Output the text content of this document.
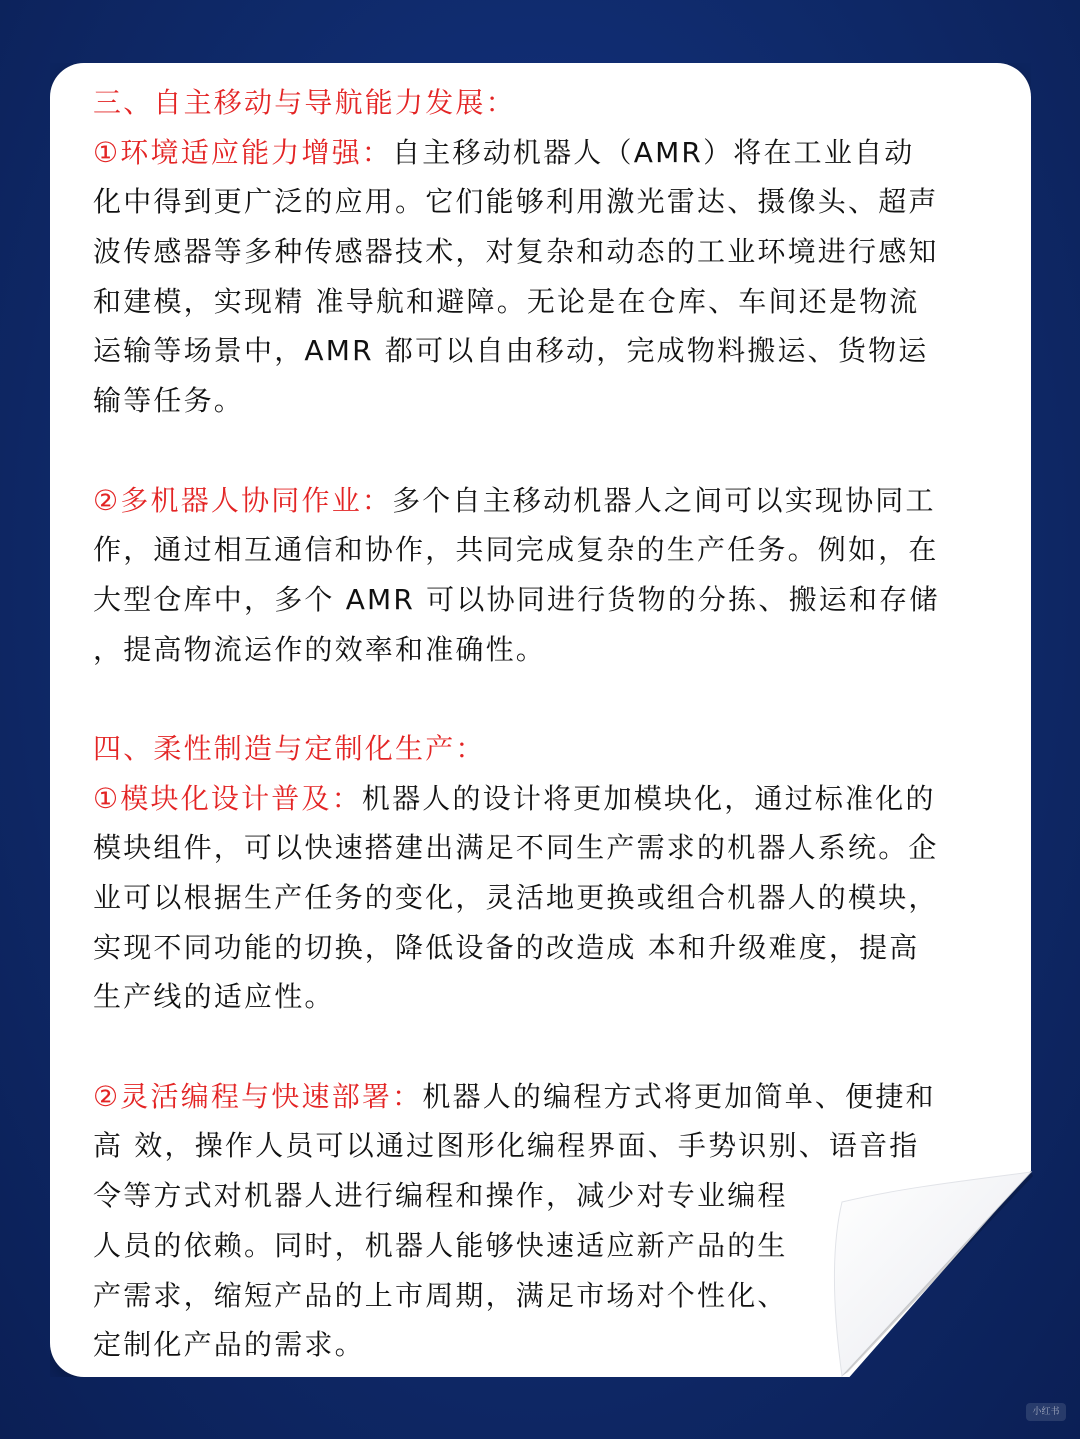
三、自主移动与导航能力发展：
①环境适应能力增强：自主移动机器人（AMR）将在工业自动
化中得到更广泛的应用。它们能够利用激光雷达、摄像头、超声
波传感器等多种传感器技术，对复杂和动态的工业环境进行感知
和建模，实现精 准导航和避障。无论是在仓库、车间还是物流
运输等场景中，AMR 都可以自由移动，完成物料搬运、货物运
输等任务。
②多机器人协同作业：多个自主移动机器人之间可以实现协同工
作，通过相互通信和协作，共同完成复杂的生产任务。例如，在
大型仓库中，多个 AMR 可以协同进行货物的分拣、搬运和存储
，提高物流运作的效率和准确性。
四、柔性制造与定制化生产：
①模块化设计普及：机器人的设计将更加模块化，通过标准化的
模块组件，可以快速搭建出满足不同生产需求的机器人系统。企
业可以根据生产任务的变化，灵活地更换或组合机器人的模块，
实现不同功能的切换，降低设备的改造成 本和升级难度，提高
生产线的适应性。
②灵活编程与快速部署：机器人的编程方式将更加简单、便捷和
高 效，操作人员可以通过图形化编程界面、手势识别、语音指
令等方式对机器人进行编程和操作，减少对专业编程
人员的依赖。同时，机器人能够快速适应新产品的生
产需求，缩短产品的上市周期，满足市场对个性化、
定制化产品的需求。
小红书
